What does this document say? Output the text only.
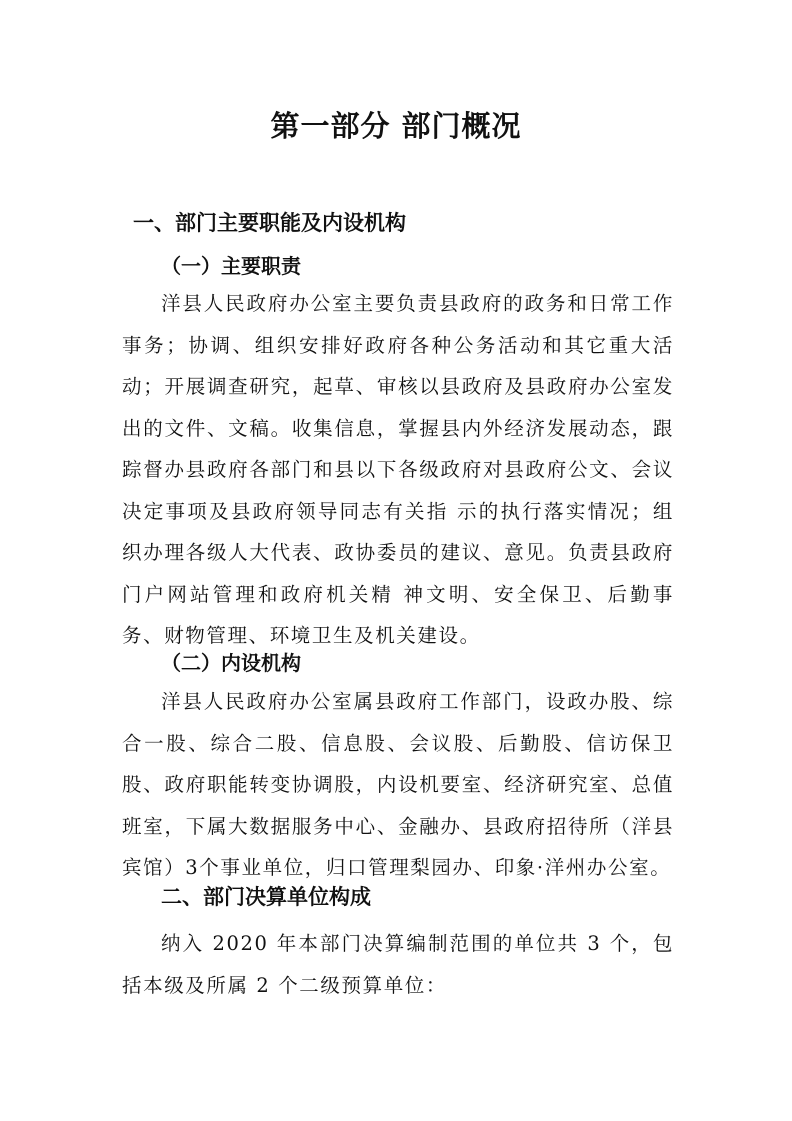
第一部分 部门概况
一、部门主要职能及内设机构
（一）主要职责

洋县人民政府办公室主要负责县政府的政务和日常工作事务；协调、组织安排好政府各种公务活动和其它重大活动；开展调查研究，起草、审核以县政府及县政府办公室发出的文件、文稿。收集信息，掌握县内外经济发展动态，跟踪督办县政府各部门和县以下各级政府对县政府公文、会议决定事项及县政府领导同志有关指 示的执行落实情况；组织办理各级人大代表、政协委员的建议、意见。负责县政府门户网站管理和政府机关精 神文明、安全保卫、后勤事务、财物管理、环境卫生及机关建设。

（二）内设机构

洋县人民政府办公室属县政府工作部门，设政办股、综合一股、综合二股、信息股、会议股、后勤股、信访保卫股、政府职能转变协调股，内设机要室、经济研究室、总值班室，下属大数据服务中心、金融办、县政府招待所（洋县宾馆）3个事业单位，归口管理梨园办、印象·洋州办公室。

二、部门决算单位构成

纳入 2020 年本部门决算编制范围的单位共 3 个，包括本级及所属 2 个二级预算单位：
